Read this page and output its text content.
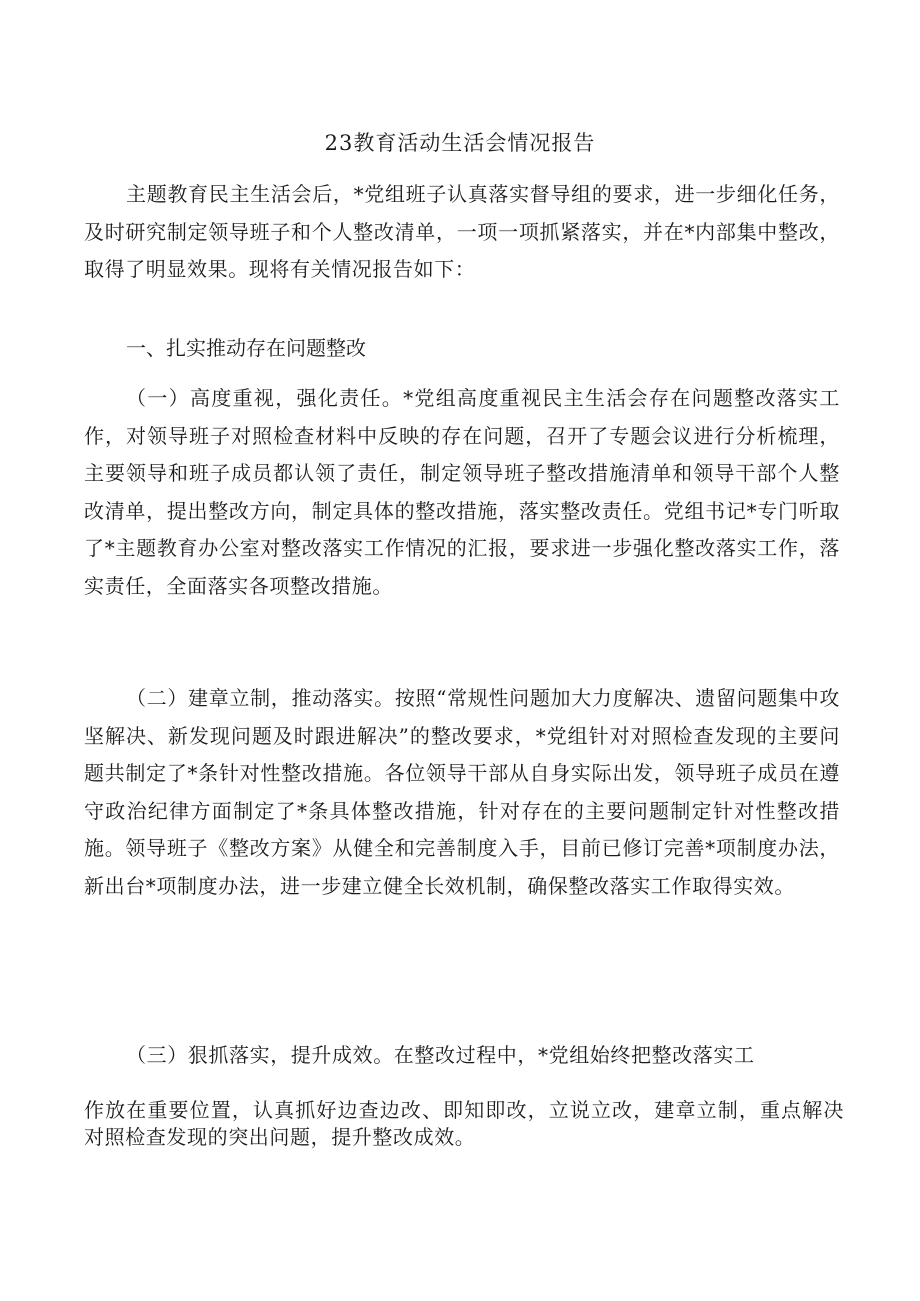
23教育活动生活会情况报告

主题教育民主生活会后，*党组班子认真落实督导组的要求，进一步细化任务，及时研究制定领导班子和个人整改清单，一项一项抓紧落实，并在*内部集中整改，取得了明显效果。现将有关情况报告如下：

一、扎实推动存在问题整改

（一）高度重视，强化责任。*党组高度重视民主生活会存在问题整改落实工作，对领导班子对照检查材料中反映的存在问题，召开了专题会议进行分析梳理，主要领导和班子成员都认领了责任，制定领导班子整改措施清单和领导干部个人整改清单，提出整改方向，制定具体的整改措施，落实整改责任。党组书记*专门听取了*主题教育办公室对整改落实工作情况的汇报，要求进一步强化整改落实工作，落实责任，全面落实各项整改措施。

（二）建章立制，推动落实。按照“常规性问题加大力度解决、遗留问题集中攻坚解决、新发现问题及时跟进解决”的整改要求，*党组针对对照检查发现的主要问题共制定了*条针对性整改措施。各位领导干部从自身实际出发，领导班子成员在遵守政治纪律方面制定了*条具体整改措施，针对存在的主要问题制定针对性整改措施。领导班子《整改方案》从健全和完善制度入手，目前已修订完善*项制度办法，新出台*项制度办法，进一步建立健全长效机制，确保整改落实工作取得实效。

（三）狠抓落实，提升成效。在整改过程中，*党组始终把整改落实工

作放在重要位置，认真抓好边查边改、即知即改，立说立改，建章立制，重点解决对照检查发现的突出问题，提升整改成效。
